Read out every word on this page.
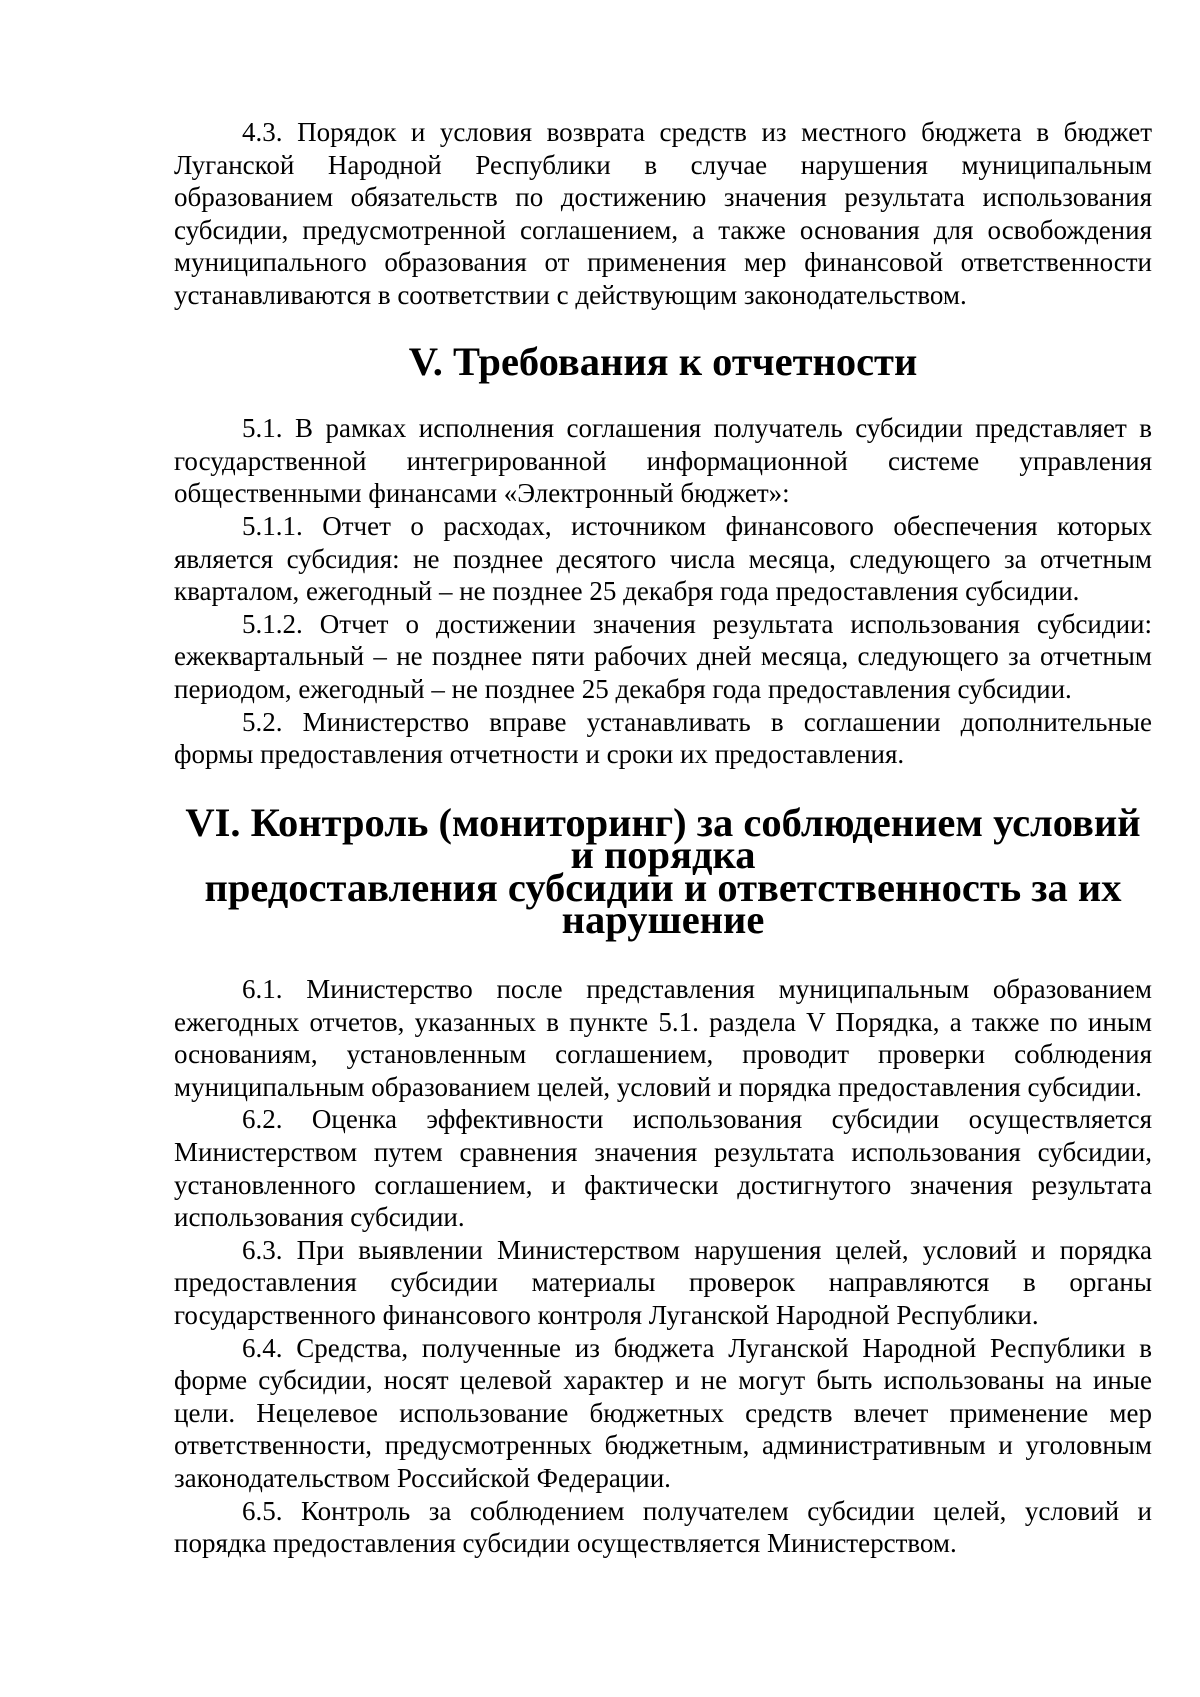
4.3. Порядок и условия возврата средств из местного бюджета в бюджет Луганской Народной Республики в случае нарушения муниципальным образованием обязательств по достижению значения результата использования субсидии, предусмотренной соглашением, а также основания для освобождения муниципального образования от применения мер финансовой ответственности устанавливаются в соответствии с действующим законодательством.

V. Требования к отчетности

5.1. В рамках исполнения соглашения получатель субсидии представляет в государственной интегрированной информационной системе управления общественными финансами «Электронный бюджет»:

5.1.1. Отчет о расходах, источником финансового обеспечения которых является субсидия: не позднее десятого числа месяца, следующего за отчетным кварталом, ежегодный – не позднее 25 декабря года предоставления субсидии.

5.1.2. Отчет о достижении значения результата использования субсидии: ежеквартальный – не позднее пяти рабочих дней месяца, следующего за отчетным периодом, ежегодный – не позднее 25 декабря года предоставления субсидии.

5.2. Министерство вправе устанавливать в соглашении дополнительные формы предоставления отчетности и сроки их предоставления.

VI. Контроль (мониторинг) за соблюдением условий и порядка
предоставления субсидии и ответственность за их нарушение

6.1. Министерство после представления муниципальным образованием ежегодных отчетов, указанных в пункте 5.1. раздела V Порядка, а также по иным основаниям, установленным соглашением, проводит проверки соблюдения муниципальным образованием целей, условий и порядка предоставления субсидии.

6.2. Оценка эффективности использования субсидии осуществляется Министерством путем сравнения значения результата использования субсидии, установленного соглашением, и фактически достигнутого значения результата использования субсидии.

6.3. При выявлении Министерством нарушения целей, условий и порядка предоставления субсидии материалы проверок направляются в органы государственного финансового контроля Луганской Народной Республики.

6.4. Средства, полученные из бюджета Луганской Народной Республики в форме субсидии, носят целевой характер и не могут быть использованы на иные цели. Нецелевое использование бюджетных средств влечет применение мер ответственности, предусмотренных бюджетным, административным и уголовным законодательством Российской Федерации.

6.5. Контроль за соблюдением получателем субсидии целей, условий и порядка предоставления субсидии осуществляется Министерством.
